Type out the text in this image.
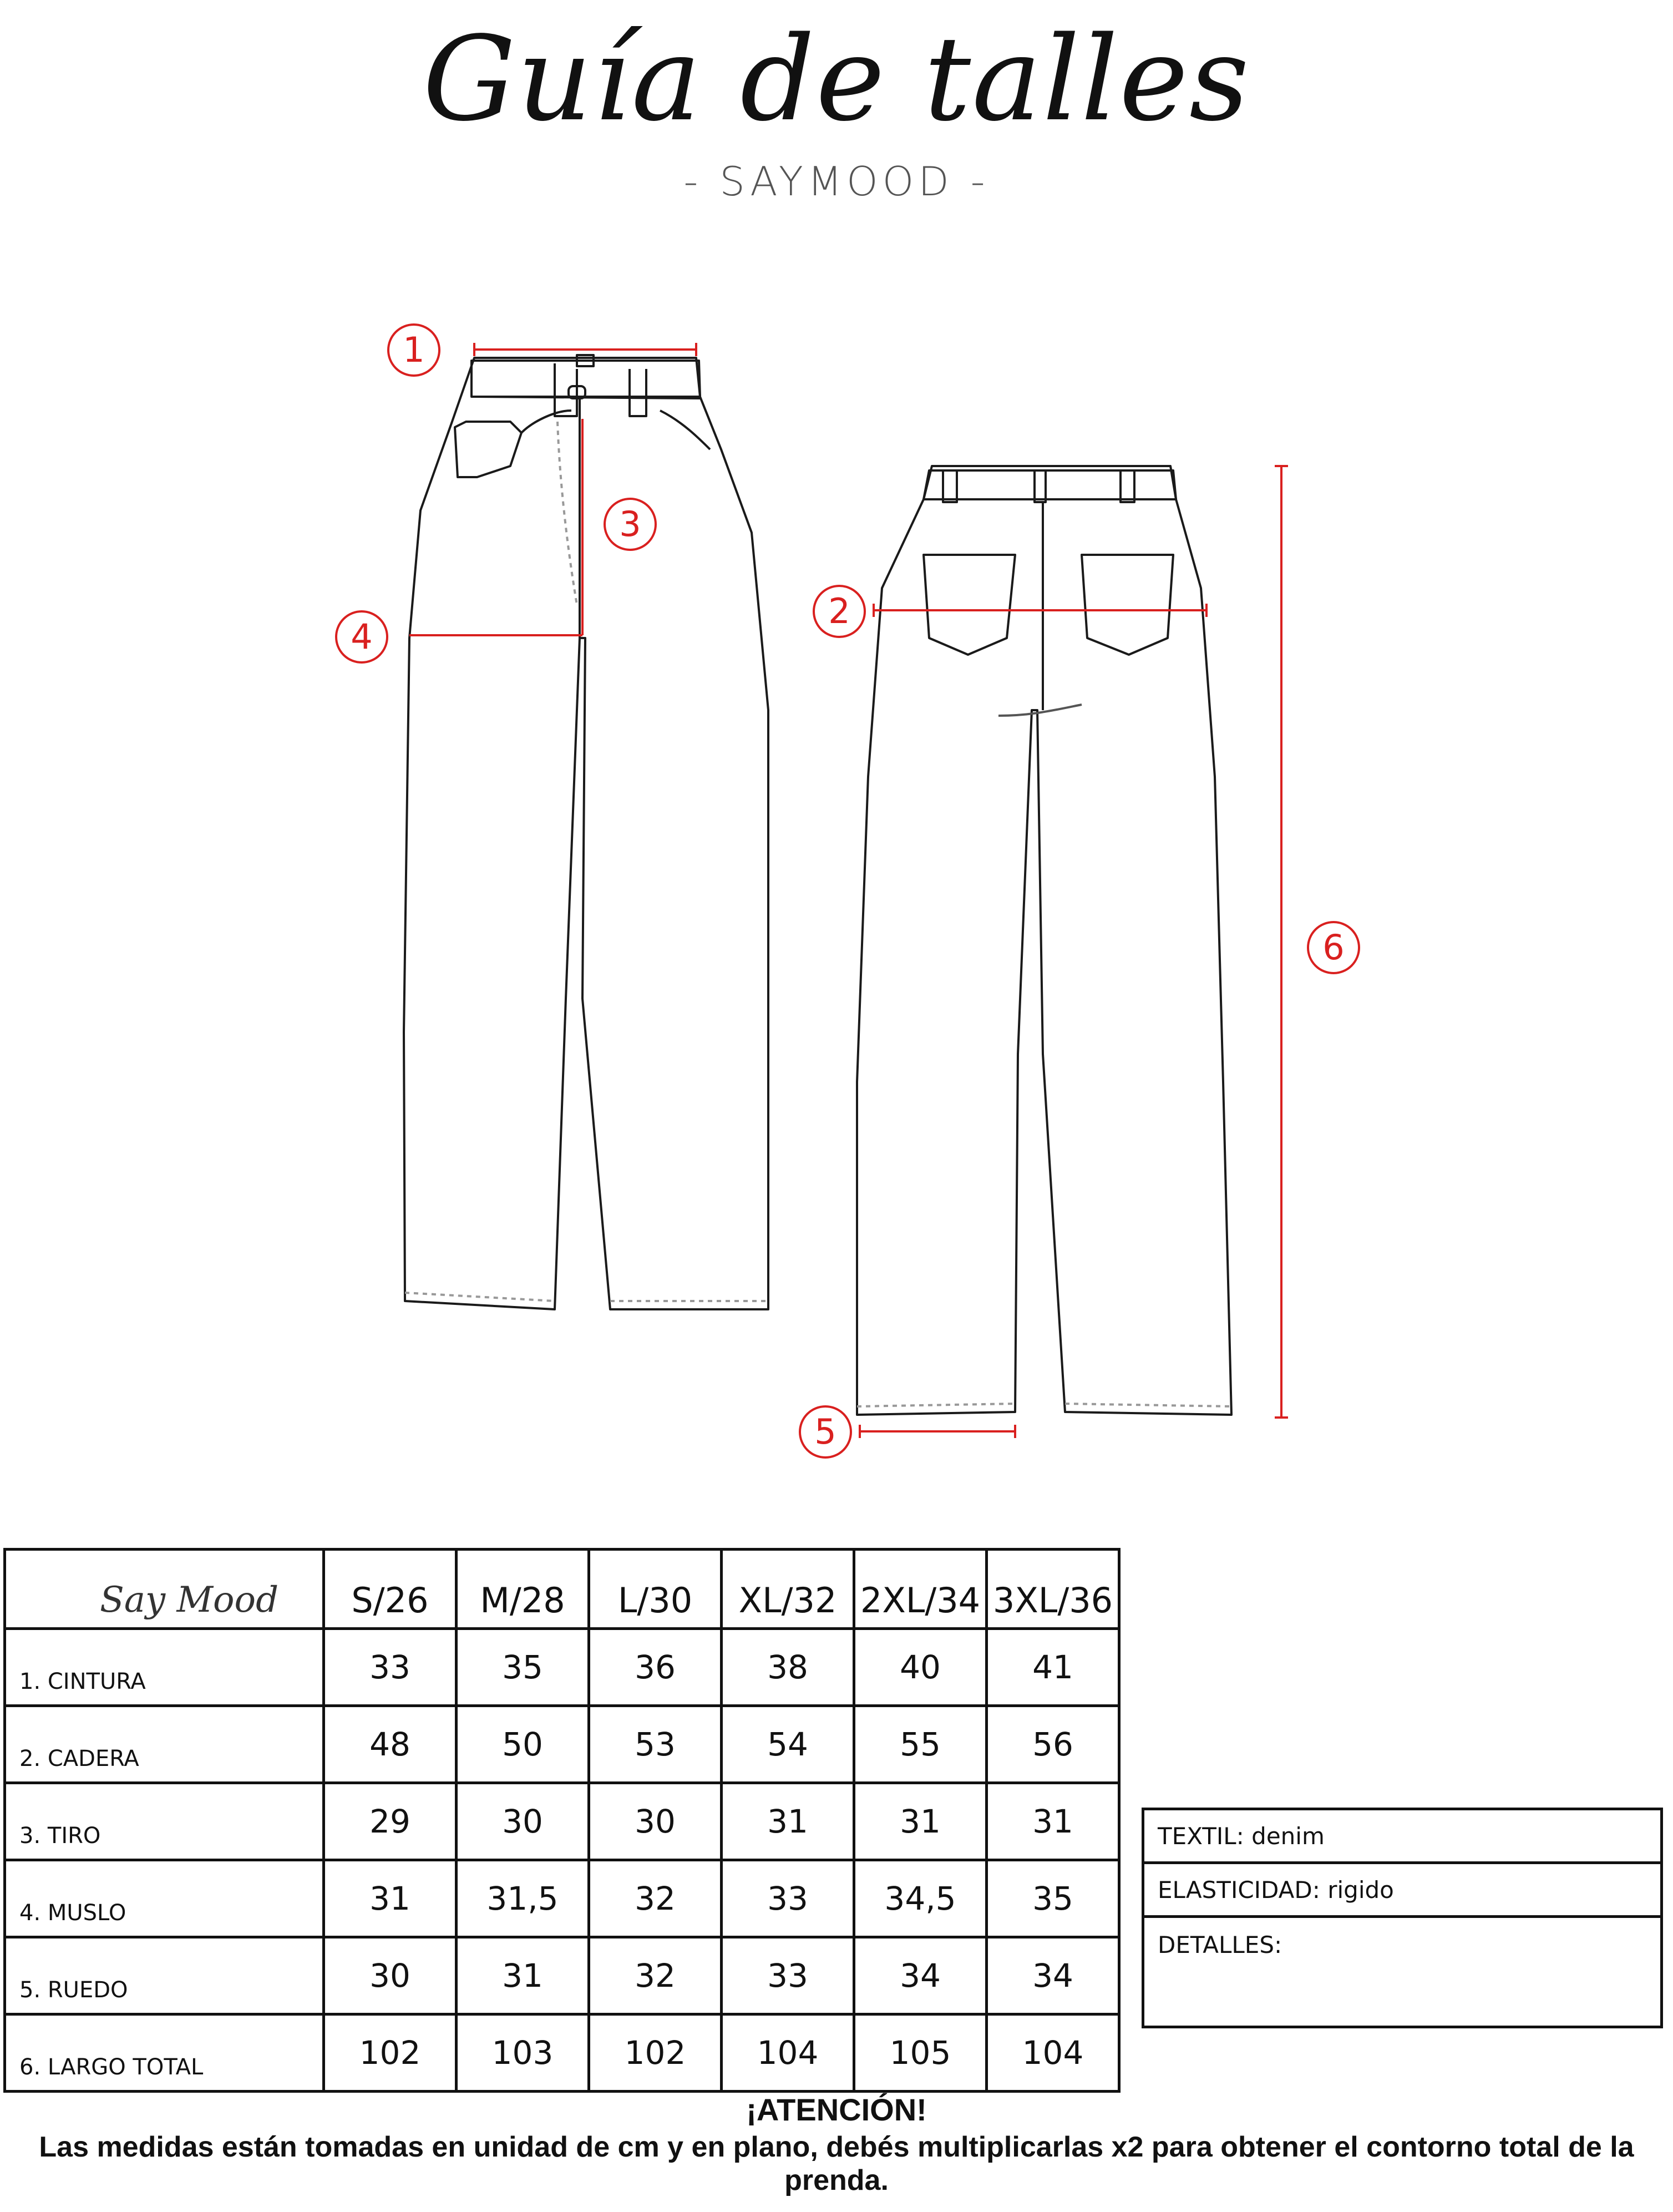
Guía de talles
- SAYMOOD -
1
2
3
4
5
6
Say Mood	S/26	M/28	L/30	XL/32	2XL/34	3XL/36
1. CINTURA	33	35	36	38	40	41
2. CADERA	48	50	53	54	55	56
3. TIRO	29	30	30	31	31	31
4. MUSLO	31	31,5	32	33	34,5	35
5. RUEDO	30	31	32	33	34	34
6. LARGO TOTAL	102	103	102	104	105	104
TEXTIL: denim
ELASTICIDAD: rigido
DETALLES:
¡ATENCIÓN!
Las medidas están tomadas en unidad de cm y en plano, debés multiplicarlas x2 para obtener el contorno total de la prenda.
